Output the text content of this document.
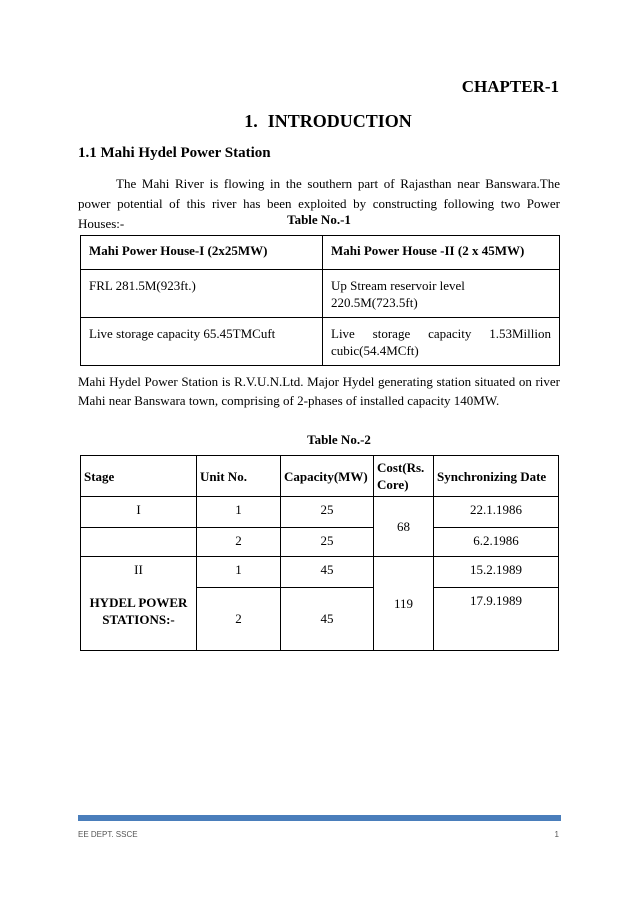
CHAPTER-1
1. INTRODUCTION
1.1 Mahi Hydel Power Station
The Mahi River is flowing in the southern part of Rajasthan near Banswara.The power potential of this river has been exploited by constructing following two Power Houses:-	Table No.-1
Mahi Power House-I (2x25MW)	Mahi Power House -II (2 x 45MW)
FRL 281.5M(923ft.)	Up Stream reservoir level 220.5M(723.5ft)
Live storage capacity 65.45TMCuft	Live storage capacity 1.53Million cubic(54.4MCft)
Mahi Hydel Power Station is R.V.U.N.Ltd. Major Hydel generating station situated on river Mahi near Banswara town, comprising of 2-phases of installed capacity 140MW.
Table No.-2
Stage	Unit No.	Capacity(MW)	Cost(Rs. Core)	Synchronizing Date
I	1	25	68	22.1.1986
	2	25		6.2.1986
II	1	45	119	15.2.1989
HYDEL POWER STATIONS:-	2	45		17.9.1989
EE DEPT. SSCE	1
